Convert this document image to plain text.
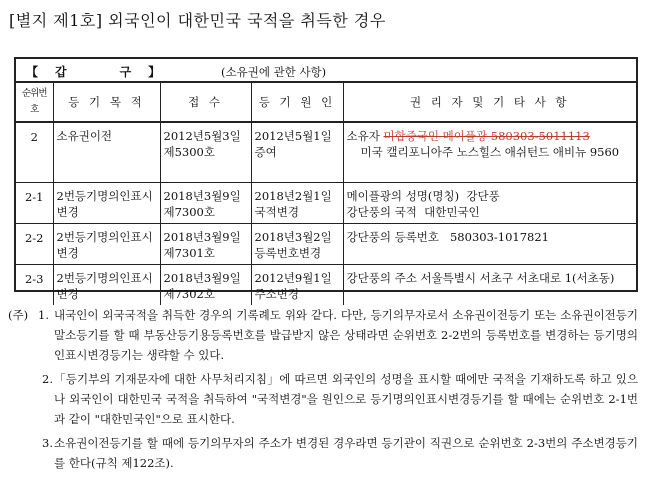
[별지 제1호] 외국인이 대한민국 국적을 취득한 경우
【 갑	구 】	(소유권에 관한 사항)
순위번호	등 기 목 적	접 수	등 기 원 인	권 리 자 및 기 타 사 항
2	소유권이전	2012년5월3일 제5300호	2012년5월1일 증여	소유자 미합중국인 메이플광 580303-5011113
미국 캘리포니아주 노스힐스 애쉬턴드 애비뉴 9560

2-1	2번등기명의인표시변경	2018년3월9일 제7300호	2018년2월1일 국적변경	메이플광의 성명(명칭)  강단풍
강단풍의 국적  대한민국인

2-2	2번등기명의인표시변경	2018년3월9일 제7301호	2018년3월2일 등록번호변경	강단풍의 등록번호   580303-1017821

2-3	2번등기명의인표시변경	2018년3월9일 제7302호	2012년9월1일 주소변경	강단풍의 주소 서울특별시 서초구 서초대로 1(서초동)
(주) 1. 내국인이 외국국적을 취득한 경우의 기록례도 위와 같다. 다만, 등기의무자로서 소유권이전등기 또는 소유권이전등기말소등기를 할 때 부동산등기용등록번호를 발급받지 않은 상태라면 순위번호 2-2번의 등록번호를 변경하는 등기명의인표시변경등기는 생략할 수 있다.
2. 「등기부의 기재문자에 대한 사무처리지침」에 따르면 외국인의 성명을 표시할 때에만 국적을 기재하도록 하고 있으나 외국인이 대한민국 국적을 취득하여 "국적변경"을 원인으로 등기명의인표시변경등기를 할 때에는 순위번호 2-1번과 같이 "대한민국인"으로 표시한다.
3. 소유권이전등기를 할 때에 등기의무자의 주소가 변경된 경우라면 등기관이 직권으로 순위번호 2-3번의 주소변경등기를 한다(규칙 제122조).
